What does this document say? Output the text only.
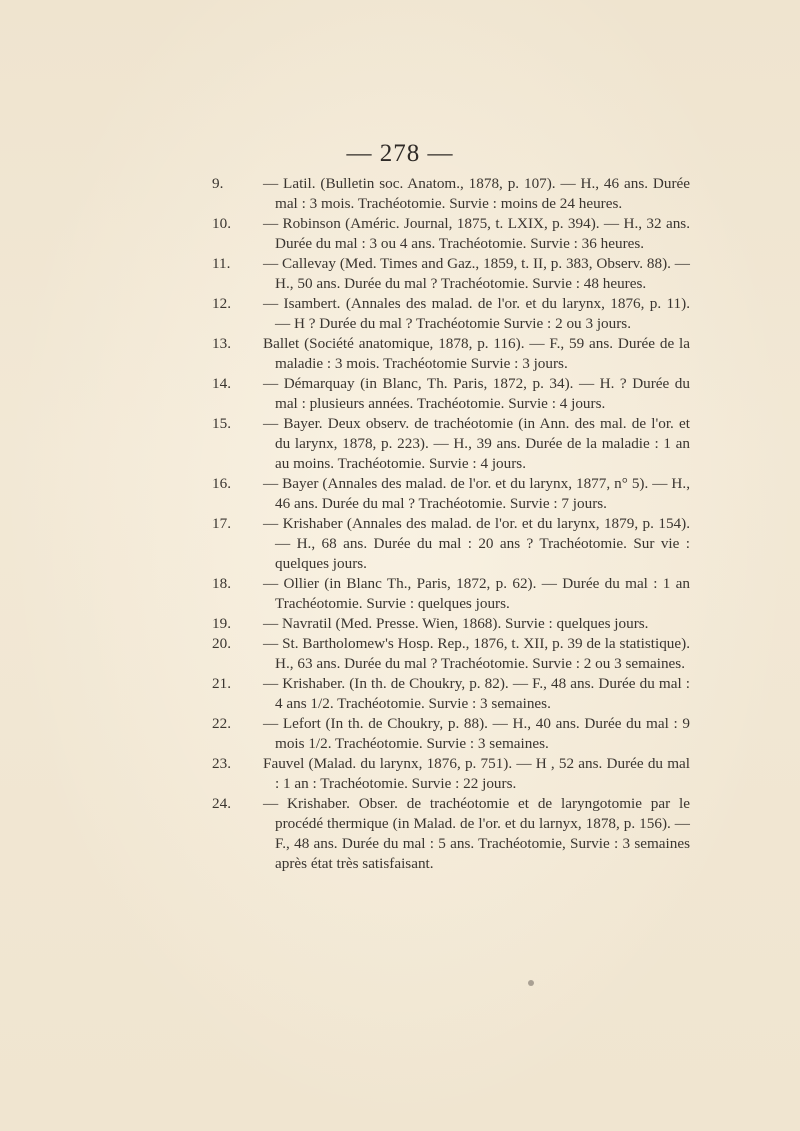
— 278 —
9.	— Latil. (Bulletin soc. Anatom., 1878, p. 107). — H., 46 ans. Durée mal : 3 mois. Trachéotomie. Survie : moins de 24 heures.
10.	— Robinson (Améric. Journal, 1875, t. LXIX, p. 394). — H., 32 ans. Durée du mal : 3 ou 4 ans. Trachéotomie. Survie : 36 heures.
11.	— Callevay (Med. Times and Gaz., 1859, t. II, p. 383, Observ. 88). — H., 50 ans. Durée du mal ? Trachéotomie. Survie : 48 heures.
12.	— Isambert. (Annales des malad. de l'or. et du larynx, 1876, p. 11). — H ? Durée du mal ? Trachéotomie Survie : 2 ou 3 jours.
13.	Ballet (Société anatomique, 1878, p. 116). — F., 59 ans. Durée de la maladie : 3 mois. Trachéotomie Survie : 3 jours.
14.	— Démarquay (in Blanc, Th. Paris, 1872, p. 34). — H. ? Durée du mal : plusieurs années. Trachéotomie. Survie : 4 jours.
15.	— Bayer. Deux observ. de trachéotomie (in Ann. des mal. de l'or. et du larynx, 1878, p. 223). — H., 39 ans. Durée de la maladie : 1 an au moins. Trachéotomie. Survie : 4 jours.
16.	— Bayer (Annales des malad. de l'or. et du larynx, 1877, n° 5). — H., 46 ans. Durée du mal ? Trachéotomie. Survie : 7 jours.
17.	— Krishaber (Annales des malad. de l'or. et du larynx, 1879, p. 154). — H., 68 ans. Durée du mal : 20 ans ? Trachéotomie. Sur vie : quelques jours.
18.	— Ollier (in Blanc Th., Paris, 1872, p. 62). — Durée du mal : 1 an Trachéotomie. Survie : quelques jours.
19.	— Navratil (Med. Presse. Wien, 1868). Survie : quelques jours.
20.	— St. Bartholomew's Hosp. Rep., 1876, t. XII, p. 39 de la statistique). H., 63 ans. Durée du mal ? Trachéotomie. Survie : 2 ou 3 semaines.
21.	— Krishaber. (In th. de Choukry, p. 82). — F., 48 ans. Durée du mal : 4 ans 1/2. Trachéotomie. Survie : 3 semaines.
22.	— Lefort (In th. de Choukry, p. 88). — H., 40 ans. Durée du mal : 9 mois 1/2. Trachéotomie. Survie : 3 semaines.
23.	Fauvel (Malad. du larynx, 1876, p. 751). — H , 52 ans. Durée du mal : 1 an : Trachéotomie. Survie : 22 jours.
24.	— Krishaber. Obser. de trachéotomie et de laryngotomie par le procédé thermique (in Malad. de l'or. et du larnyx, 1878, p. 156). — F., 48 ans. Durée du mal : 5 ans. Trachéotomie, Survie : 3 semaines après état très satisfaisant.
